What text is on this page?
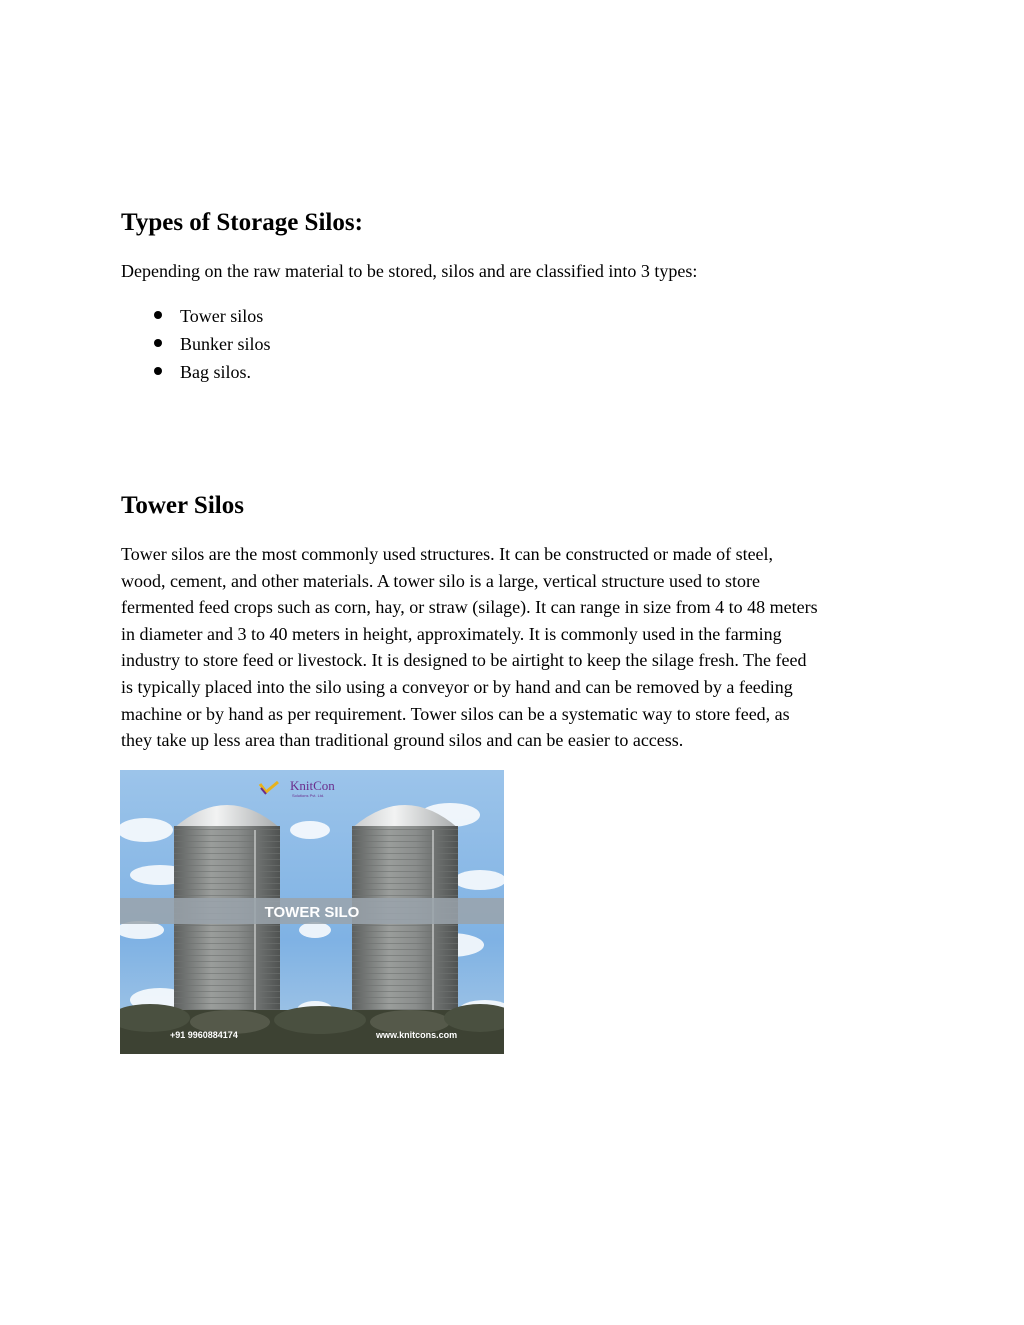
Types of Storage Silos:

Depending on the raw material to be stored, silos and are classified into 3 types:

Tower silos
Bunker silos
Bag silos.
Tower Silos
Tower silos are the most commonly used structures. It can be constructed or made of steel,
wood, cement, and other materials. A tower silo is a large, vertical structure used to store
fermented feed crops such as corn, hay, or straw (silage). It can range in size from 4 to 48 meters
in diameter and 3 to 40 meters in height, approximately. It is commonly used in the farming
industry to store feed or livestock. It is designed to be airtight to keep the silage fresh. The feed
is typically placed into the silo using a conveyor or by hand and can be removed by a feeding
machine or by hand as per requirement. Tower silos can be a systematic way to store feed, as
they take up less area than traditional ground silos and can be easier to access.
TOWER SILO
KnitCon
Solutions Pvt. Ltd.
+91 9960884174	www.knitcons.com
